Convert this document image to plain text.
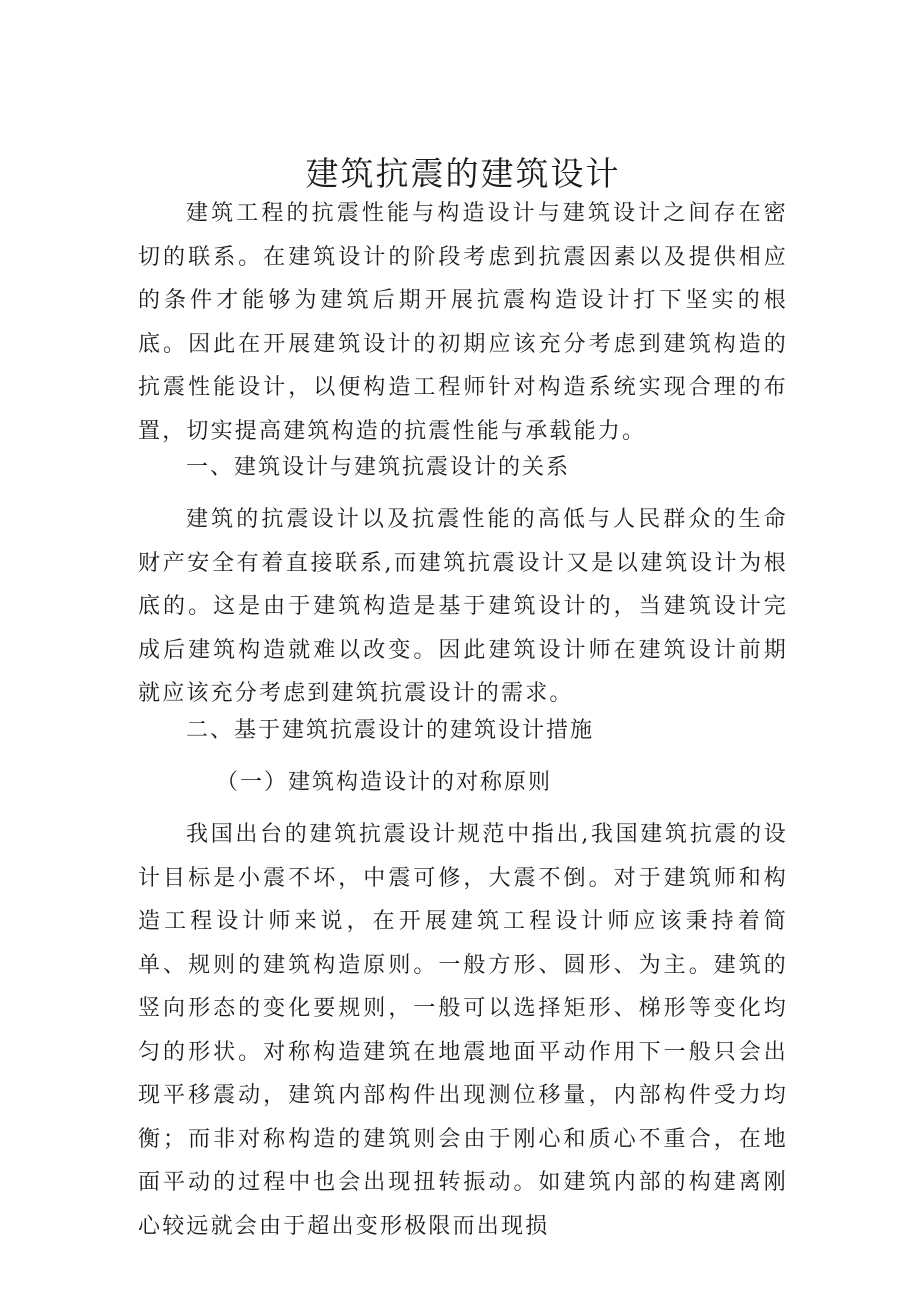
建筑抗震的建筑设计

建筑工程的抗震性能与构造设计与建筑设计之间存在密切的联系。在建筑设计的阶段考虑到抗震因素以及提供相应的条件才能够为建筑后期开展抗震构造设计打下坚实的根底。因此在开展建筑设计的初期应该充分考虑到建筑构造的抗震性能设计，以便构造工程师针对构造系统实现合理的布置，切实提高建筑构造的抗震性能与承载能力。

一、建筑设计与建筑抗震设计的关系

建筑的抗震设计以及抗震性能的高低与人民群众的生命财产安全有着直接联系,而建筑抗震设计又是以建筑设计为根底的。这是由于建筑构造是基于建筑设计的，当建筑设计完成后建筑构造就难以改变。因此建筑设计师在建筑设计前期就应该充分考虑到建筑抗震设计的需求。

二、基于建筑抗震设计的建筑设计措施

（一）建筑构造设计的对称原则

我国出台的建筑抗震设计规范中指出,我国建筑抗震的设计目标是小震不坏，中震可修，大震不倒。对于建筑师和构造工程设计师来说，在开展建筑工程设计师应该秉持着简单、规则的建筑构造原则。一般方形、圆形、为主。建筑的竖向形态的变化要规则，一般可以选择矩形、梯形等变化均匀的形状。对称构造建筑在地震地面平动作用下一般只会出现平移震动，建筑内部构件出现测位移量，内部构件受力均衡；而非对称构造的建筑则会由于刚心和质心不重合，在地面平动的过程中也会出现扭转振动。如建筑内部的构建离刚心较远就会由于超出变形极限而出现损
